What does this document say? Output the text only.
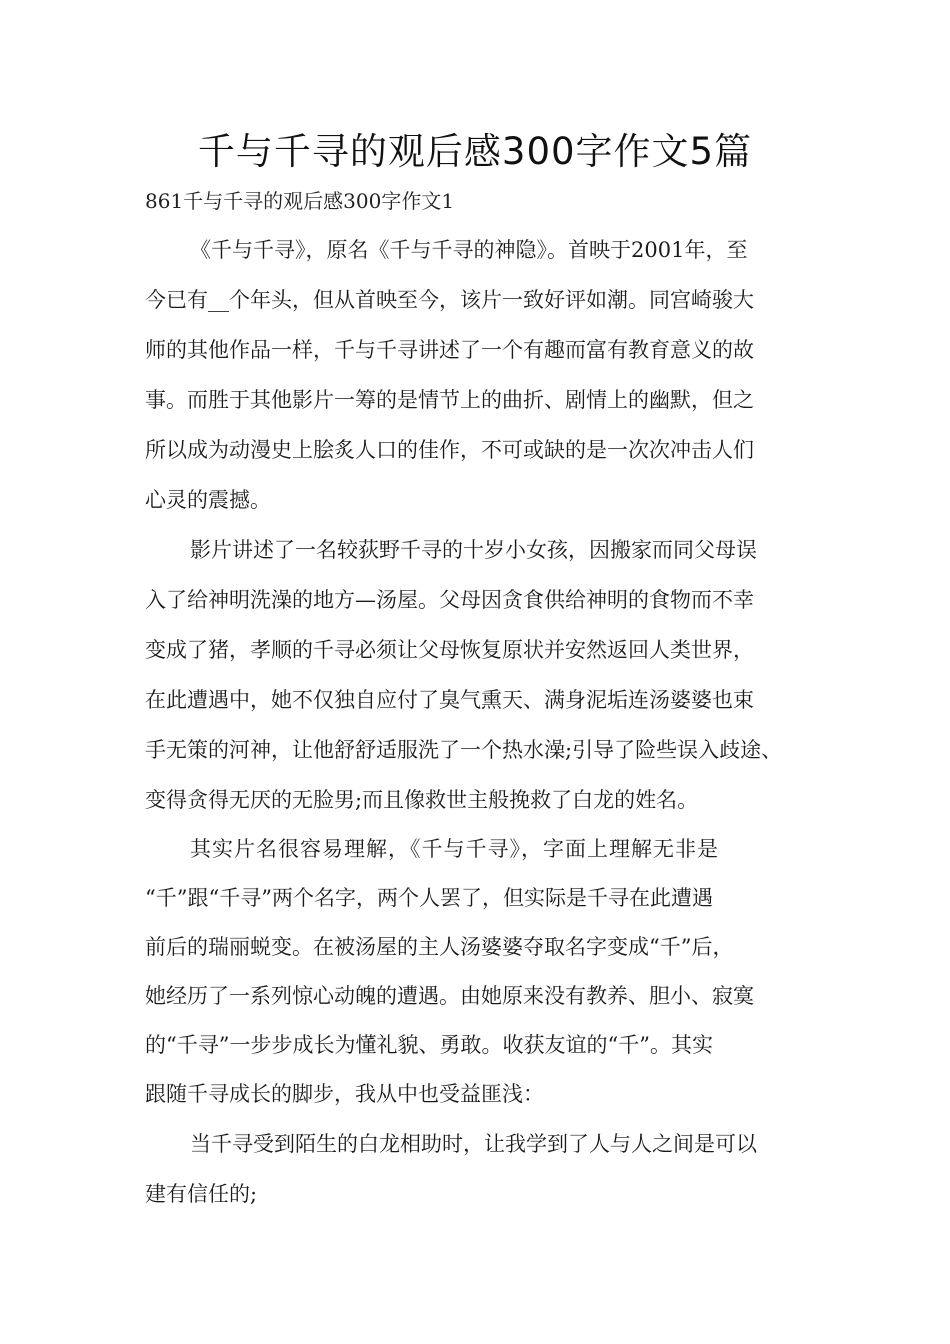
千与千寻的观后感300字作文5篇
861千与千寻的观后感300字作文1
《千与千寻》，原名《千与千寻的神隐》。首映于2001年，至
今已有__个年头，但从首映至今，该片一致好评如潮。同宫崎骏大
师的其他作品一样，千与千寻讲述了一个有趣而富有教育意义的故
事。而胜于其他影片一筹的是情节上的曲折、剧情上的幽默，但之
所以成为动漫史上脍炙人口的佳作，不可或缺的是一次次冲击人们
心灵的震撼。
影片讲述了一名较荻野千寻的十岁小女孩，因搬家而同父母误
入了给神明洗澡的地方—汤屋。父母因贪食供给神明的食物而不幸
变成了猪，孝顺的千寻必须让父母恢复原状并安然返回人类世界，
在此遭遇中，她不仅独自应付了臭气熏天、满身泥垢连汤婆婆也束
手无策的河神，让他舒舒适服洗了一个热水澡;引导了险些误入歧途、
变得贪得无厌的无脸男;而且像救世主般挽救了白龙的姓名。
其实片名很容易理解，《千与千寻》，字面上理解无非是
“千”跟“千寻”两个名字，两个人罢了，但实际是千寻在此遭遇
前后的瑞丽蜕变。在被汤屋的主人汤婆婆夺取名字变成“千”后，
她经历了一系列惊心动魄的遭遇。由她原来没有教养、胆小、寂寞
的“千寻”一步步成长为懂礼貌、勇敢。收获友谊的“千”。其实
跟随千寻成长的脚步，我从中也受益匪浅：
当千寻受到陌生的白龙相助时，让我学到了人与人之间是可以
建有信任的;
